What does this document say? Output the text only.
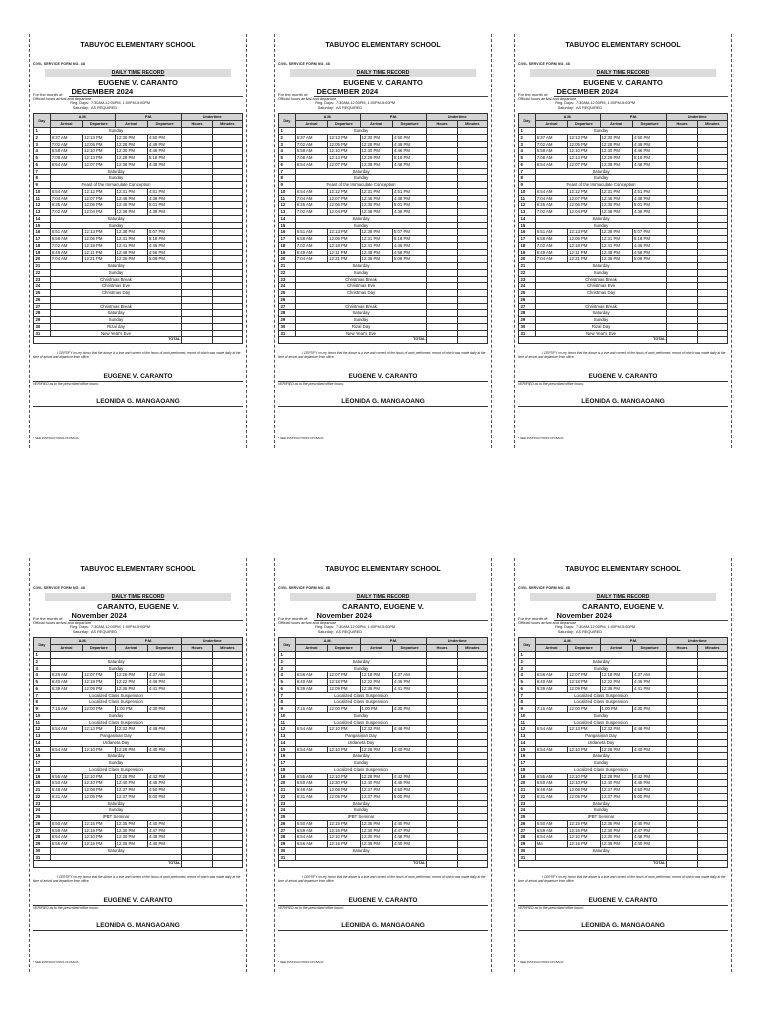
TABUYOC ELEMENTARY SCHOOL
CIVIL SERVICE FORM NO. 48
DAILY TIME RECORD
EUGENE V. CARANTO
For the month of: DECEMBER 2024
Official hours arrival and departure
Reg. Days: 7:30AM-12:00PM, 1:00PM-5:00PM
Saturday: AS REQUIRED
Day	A.M.		P.M.		Undertime	
	Arrival	Departure	Arrival	Departure	Hours	Minutes
1	Sunday					
2	6:37 AM	12:13 PM	12:30 PM	4:50 PM		
3	7:02 AM	12:05 PM	12:28 PM	4:49 PM		
4	6:58 AM	12:10 PM	12:30 PM	4:46 PM		
5	7:08 AM	12:13 PM	12:28 PM	5:18 PM		
6	6:54 AM	12:07 PM	12:38 PM	4:48 PM		
7	Saturday					
8	Sunday					
9	Feast of the Immaculate Conception					
10	6:54 AM	12:12 PM	12:31 PM	4:51 PM		
11	7:04 AM	12:07 PM	12:46 PM	4:38 PM		
12	6:35 AM	12:06 PM	12:46 PM	5:01 PM		
13	7:02 AM	12:04 PM	12:38 PM	4:39 PM		
14	Saturday					
15	Sunday					
16	6:51 AM	12:13 PM	12:38 PM	5:07 PM		
17	6:58 AM	12:05 PM	12:31 PM	5:18 PM		
18	7:02 AM	12:18 PM	12:41 PM	4:46 PM		
19	6:49 AM	12:11 PM	12:48 PM	4:58 PM		
20	7:04 AM	12:21 PM	12:36 PM	5:09 PM		
21	Saturday					
22	Sunday					
23	Christmas Break					
24	Christmas Eve					
25	Christmas Day					
26						
27	Christmas Break					
28	Saturday					
29	Sunday					
30	Rizal day					
31	New Year's Eve					
TOTAL						
I CERTIFY on my honor that the above is a true and correct of the hours of work performed, record of which was made daily at the time of arrival and departure from office.
EUGENE V. CARANTO
VERIFIED as to the prescribed office hours:
LEONIDA G. MANGAOANG
* SEE INSTRUCTIONS ON BACK
TABUYOC ELEMENTARY SCHOOL
CIVIL SERVICE FORM NO. 48
DAILY TIME RECORD
EUGENE V. CARANTO
For the month of: DECEMBER 2024
Official hours arrival and departure
Reg. Days: 7:30AM-12:00PM, 1:00PM-5:00PM
Saturday: AS REQUIRED
Day	A.M.		P.M.		Undertime	
	Arrival	Departure	Arrival	Departure	Hours	Minutes
1	Sunday					
2	6:37 AM	12:13 PM	12:30 PM	4:50 PM		
3	7:02 AM	12:05 PM	12:28 PM	4:49 PM		
4	6:58 AM	12:10 PM	12:30 PM	4:46 PM		
5	7:08 AM	12:13 PM	12:28 PM	5:18 PM		
6	6:54 AM	12:07 PM	12:38 PM	4:48 PM		
7	Saturday					
8	Sunday					
9	Feast of the Immaculate Conception					
10	6:54 AM	12:12 PM	12:31 PM	4:51 PM		
11	7:04 AM	12:07 PM	12:46 PM	4:38 PM		
12	6:35 AM	12:06 PM	12:46 PM	5:01 PM		
13	7:02 AM	12:04 PM	12:38 PM	4:39 PM		
14	Saturday					
15	Sunday					
16	6:51 AM	12:13 PM	12:38 PM	5:07 PM		
17	6:58 AM	12:05 PM	12:31 PM	5:18 PM		
18	7:02 AM	12:18 PM	12:41 PM	4:46 PM		
19	6:49 AM	12:11 PM	12:48 PM	4:58 PM		
20	7:04 AM	12:21 PM	12:36 PM	5:09 PM		
21	Saturday					
22	Sunday					
23	Christmas Break					
24	Christmas Eve					
25	Christmas Day					
26						
27	Christmas Break					
28	Saturday					
29	Sunday					
30	Rizal Day					
31	New Year's Eve					
TOTAL						
I CERTIFY on my honor that the above is a true and correct of the hours of work performed, record of which was made daily at the time of arrival and departure from office.
EUGENE V. CARANTO
VERIFIED as to the prescribed office hours:
LEONIDA G. MANGAOANG
* SEE INSTRUCTIONS ON BACK
TABUYOC ELEMENTARY SCHOOL
CIVIL SERVICE FORM NO. 48
DAILY TIME RECORD
EUGENE V. CARANTO
For the month of: DECEMBER 2024
Official hours arrival and departure
Reg. Days: 7:30AM-12:00PM, 1:00PM-5:00PM
Saturday: AS REQUIRED
Day	A.M.		P.M.		Undertime	
	Arrival	Departure	Arrival	Departure	Hours	Minutes
1	Sunday					
2	6:37 AM	12:13 PM	12:30 PM	4:50 PM		
3	7:02 AM	12:05 PM	12:28 PM	4:49 PM		
4	6:58 AM	12:10 PM	12:30 PM	4:46 PM		
5	7:08 AM	12:13 PM	12:28 PM	5:18 PM		
6	6:54 AM	12:07 PM	12:38 PM	4:48 PM		
7	Saturday					
8	Sunday					
9	Feast of the Immaculate Conception					
10	6:54 AM	12:12 PM	12:31 PM	4:51 PM		
11	7:04 AM	12:07 PM	12:46 PM	4:38 PM		
12	6:35 AM	12:06 PM	12:46 PM	5:01 PM		
13	7:02 AM	12:04 PM	12:38 PM	4:39 PM		
14	Saturday					
15	Sunday					
16	6:51 AM	12:13 PM	12:38 PM	5:07 PM		
17	6:58 AM	12:05 PM	12:31 PM	5:18 PM		
18	7:02 AM	12:18 PM	12:41 PM	4:46 PM		
19	6:49 AM	12:11 PM	12:48 PM	4:58 PM		
20	7:04 AM	12:21 PM	12:36 PM	5:09 PM		
21	Saturday					
22	Sunday					
23	Christmas Break					
24	Christmas Eve					
25	Christmas Day					
26						
27	Christmas Break					
28	Saturday					
29	Sunday					
30	Rizal Day					
31	New Year's Eve					
TOTAL						
I CERTIFY on my honor that the above is a true and correct of the hours of work performed, record of which was made daily at the time of arrival and departure from office.
EUGENE V. CARANTO
VERIFIED as to the prescribed office hours:
LEONIDA G. MANGAOANG
* SEE INSTRUCTIONS ON BACK
TABUYOC ELEMENTARY SCHOOL
CIVIL SERVICE FORM NO. 48
DAILY TIME RECORD
CARANTO, EUGENE V.
For the month of: November 2024
Official hours arrival and departure
Reg. Days: 7:30AM-12:00PM, 1:00PM-5:00PM
Saturday: AS REQUIRED
Day	A.M.		P.M.		Undertime	
	Arrival	Departure	Arrival	Departure	Hours	Minutes
1						
2	Saturday					
3	Sunday					
4	6:26 AM	12:07 PM	12:26 PM	4:37 AM		
5	6:40 AM	12:18 PM	12:22 PM	4:46 PM		
6	6:39 AM	12:09 PM	12:36 PM	4:41 PM		
7	Localized Class Suspension					
8	Localized Class Suspension					
9	7:15 AM	12:00 PM	1:00 PM	4:30 PM		
10	Sunday					
11	Localized Class Suspension					
12	6:54 AM	12:13 PM	12:32 PM	4:48 PM		
13	Pangasinan Day					
14	Urdaneta Day					
15	6:54 AM	12:10 PM	12:28 PM	4:40 PM		
16	Saturday					
17	Sunday					
18	Localized Class Suspension					
19	6:55 AM	12:10 PM	12:28 PM	4:42 PM		
20	6:50 AM	12:10 PM	12:40 PM	4:45 PM		
21	6:48 AM	12:08 PM	12:37 PM	4:50 PM		
22	6:31 AM	12:05 PM	12:37 PM	5:00 PM		
23	Saturday					
24	Sunday					
25	IPBT Seminar					
26	6:50 AM	12:15 PM	12:35 PM	4:40 PM		
27	6:59 AM	12:15 PM	12:30 PM	4:47 PM		
28	6:54 AM	12:10 PM	12:30 PM	4:48 PM		
29	6:56 AM	12:15 PM	12:35 PM	4:40 PM		
30	Saturday					
31						
TOTAL						
I CERTIFY on my honor that the above is a true and correct of the hours of work performed, record of which was made daily at the time of arrival and departure from office.
EUGENE V. CARANTO
VERIFIED as to the prescribed office hours:
LEONIDA G. MANGAOANG
* SEE INSTRUCTIONS ON BACK
TABUYOC ELEMENTARY SCHOOL
CIVIL SERVICE FORM NO. 48
DAILY TIME RECORD
CARANTO, EUGENE V.
For the month of: November 2024
Official hours arrival and departure
Reg. Days: 7:30AM-12:00PM, 1:00PM-5:00PM
Saturday: AS REQUIRED
Day	A.M.		P.M.		Undertime	
	Arrival	Departure	Arrival	Departure	Hours	Minutes
1						
2	Saturday					
3	Sunday					
4	6:56 AM	12:07 PM	12:18 PM	4:37 AM		
5	6:40 AM	12:18 PM	12:22 PM	4:46 PM		
6	6:39 AM	12:09 PM	12:36 PM	4:41 PM		
7	Localized Class Suspension					
8	Localized Class Suspension					
9	7:15 AM	12:00 PM	1:00 PM	4:30 PM		
10	Sunday					
11	Localized Class Suspension					
12	6:54 AM	12:10 PM	12:32 PM	4:48 PM		
13	Pangasinan Day					
14	Urdaneta Day					
15	6:54 AM	12:10 PM	12:28 PM	4:40 PM		
16	Saturday					
17	Sunday					
18	Localized Class Suspension					
19	6:55 AM	12:10 PM	12:28 PM	4:42 PM		
20	6:50 AM	12:30 PM	12:40 PM	4:45 PM		
21	6:48 AM	12:08 PM	12:37 PM	4:50 PM		
22	6:31 AM	12:05 PM	12:37 PM	5:00 PM		
23	Saturday					
24	Sunday					
25	IPBT Seminar					
26	6:50 AM	12:15 PM	12:35 PM	4:40 PM		
27	6:59 AM	12:15 PM	12:30 PM	4:47 PM		
28	6:54 AM	12:10 PM	12:30 PM	4:48 PM		
29	6:56 AM	12:15 PM	12:35 PM	4:40 PM		
30	Saturday					
31						
TOTAL						
I CERTIFY on my honor that the above is a true and correct of the hours of work performed, record of which was made daily at the time of arrival and departure from office.
EUGENE V. CARANTO
VERIFIED as to the prescribed office hours:
LEONIDA G. MANGAOANG
* SEE INSTRUCTIONS ON BACK
TABUYOC ELEMENTARY SCHOOL
CIVIL SERVICE FORM NO. 48
DAILY TIME RECORD
CARANTO, EUGENE V.
For the month of: November 2024
Official hours arrival and departure
Reg. Days: 7:30AM-12:00PM, 1:00PM-5:00PM
Saturday: AS REQUIRED
Day	A.M.		P.M.		Undertime	
	Arrival	Departure	Arrival	Departure	Hours	Minutes
1						
2	Saturday					
3	Sunday					
4	6:56 AM	12:07 PM	12:18 PM	4:37 AM		
5	6:40 AM	12:18 PM	12:22 PM	4:46 PM		
6	6:39 AM	12:09 PM	12:36 PM	4:41 PM		
7	Localized Class Suspension					
8	Localized Class Suspension					
9	7:15 AM	12:00 PM	1:00 PM	4:30 PM		
10	Sunday					
11	Localized Class Suspension					
12	6:54 AM	12:13 PM	12:32 PM	4:48 PM		
13	Pangasinan Day					
14	Urdaneta Day					
15	6:54 AM	12:10 PM	12:28 PM	4:40 PM		
16	Saturday					
17	Sunday					
18	Localized Class Suspension					
19	6:55 AM	12:10 PM	12:28 PM	4:42 PM		
20	6:50 AM	12:10 PM	12:40 PM	4:45 PM		
21	6:48 AM	12:08 PM	12:37 PM	4:50 PM		
22	6:31 AM	12:05 PM	12:37 PM	5:00 PM		
23	Saturday					
24	Sunday					
25	IPBT Seminar					
26	6:50 AM	12:15 PM	12:35 PM	4:40 PM		
27	6:59 AM	12:15 PM	12:30 PM	4:47 PM		
28	6:54 AM	12:10 PM	12:30 PM	4:48 PM		
29	Ma	12:15 PM	12:35 PM	4:40 PM		
30	Saturday					
31						
TOTAL						
I CERTIFY on my honor that the above is a true and correct of the hours of work performed, record of which was made daily at the time of arrival and departure from office.
EUGENE V. CARANTO
VERIFIED as to the prescribed office hours:
LEONIDA G. MANGAOANG
* SEE INSTRUCTIONS ON BACK
